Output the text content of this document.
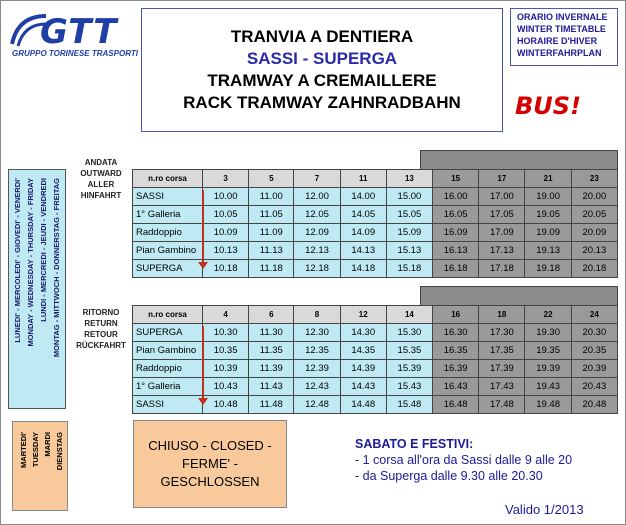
GTT
GRUPPO TORINESE TRASPORTI
TRANVIA A DENTIERA
SASSI - SUPERGA
TRAMWAY A CREMAILLERE
RACK TRAMWAY ZAHNRADBAHN
ORARIO INVERNALE
WINTER TIMETABLE
HORAIRE D'HIVER
WINTERFAHRPLAN
BUS!
LUNEDI' - MERCOLEDI' - GIOVEDI' - VENERDI' MONDAY - WEDNESDAY - THURSDAY - FRIDAY LUNDI - MERCREDI - JEUDI - VENDREDI MONTAG - MITTWOCH - DONNERSTAG - FREITAG
MARTEDI' TUESDAY MARDI DIENSTAG
ANDATA
OUTWARD
ALLER
HINFAHRT
RITORNO
RETURN
RETOUR
RÜCKFAHRT
n.ro corsa	3	5	7	11	13	15	17	21	23
SASSI	10.00	11.00	12.00	14.00	15.00	16.00	17.00	19.00	20.00
1° Galleria	10.05	11.05	12.05	14.05	15.05	16.05	17.05	19.05	20.05
Raddoppio	10.09	11.09	12.09	14.09	15.09	16.09	17.09	19.09	20.09
Pian Gambino	10.13	11.13	12.13	14.13	15.13	16.13	17.13	19.13	20.13
SUPERGA	10.18	11.18	12.18	14.18	15.18	16.18	17.18	19.18	20.18
n.ro corsa	4	6	8	12	14	16	18	22	24
SUPERGA	10.30	11.30	12.30	14.30	15.30	16.30	17.30	19.30	20.30
Pian Gambino	10.35	11.35	12.35	14.35	15.35	16.35	17.35	19.35	20.35
Raddoppio	10.39	11.39	12.39	14.39	15.39	16.39	17.39	19.39	20.39
1° Galleria	10.43	11.43	12.43	14.43	15.43	16.43	17.43	19.43	20.43
SASSI	10.48	11.48	12.48	14.48	15.48	16.48	17.48	19.48	20.48
CHIUSO - CLOSED -
FERME' -
GESCHLOSSEN
SABATO E FESTIVI:
- 1 corsa all'ora da Sassi dalle 9 alle 20
- da Superga dalle 9.30 alle 20.30
Valido 1/2013
